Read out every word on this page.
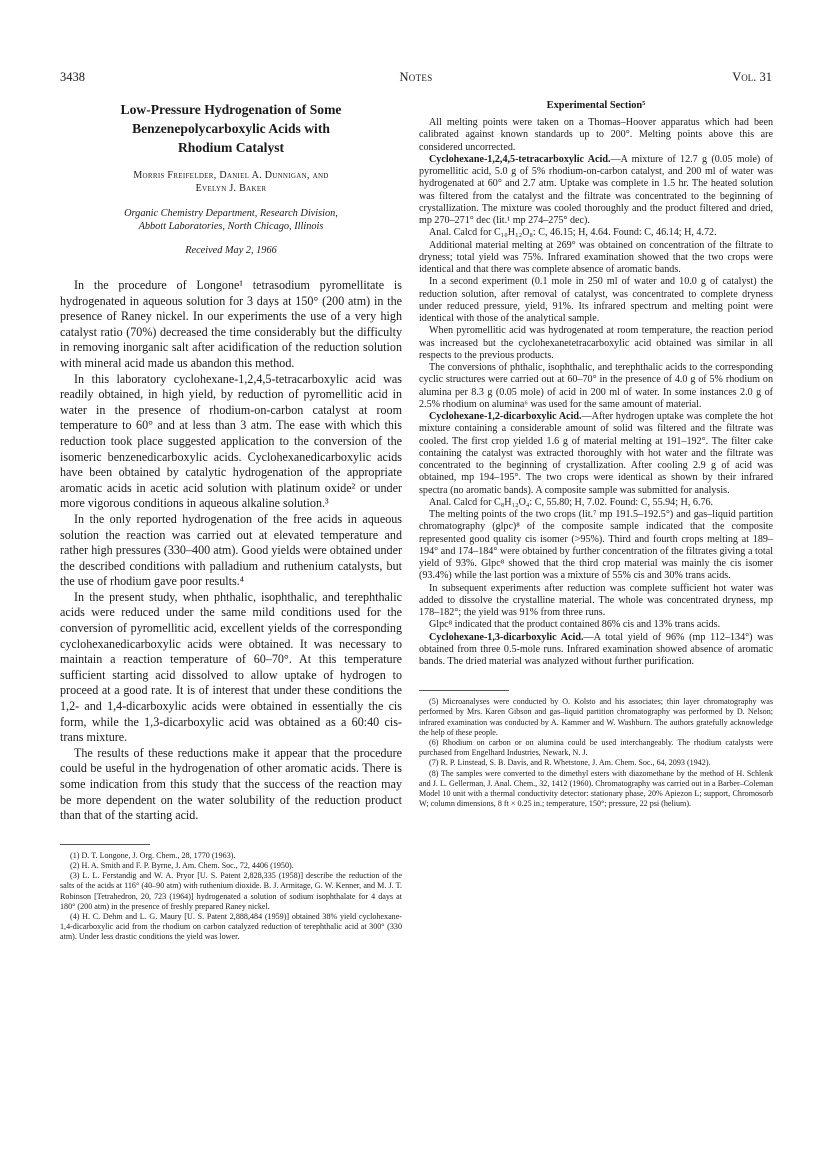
3438	Notes	Vol. 31
Low-Pressure Hydrogenation of Some
Benzenepolycarboxylic Acids with
Rhodium Catalyst
Morris Freifelder, Daniel A. Dunnigan, and
Evelyn J. Baker
Organic Chemistry Department, Research Division,
Abbott Laboratories, North Chicago, Illinois
Received May 2, 1966

In the procedure of Longone¹ tetrasodium pyromellitate is hydrogenated in aqueous solution for 3 days at 150° (200 atm) in the presence of Raney nickel. In our experiments the use of a very high catalyst ratio (70%) decreased the time considerably but the difficulty in removing inorganic salt after acidification of the reduction solution with mineral acid made us abandon this method.

In this laboratory cyclohexane-1,2,4,5-tetracarboxylic acid was readily obtained, in high yield, by reduction of pyromellitic acid in water in the presence of rhodium-on-carbon catalyst at room temperature to 60° and at less than 3 atm. The ease with which this reduction took place suggested application to the conversion of the isomeric benzenedicarboxylic acids. Cyclohexanedicarboxylic acids have been obtained by catalytic hydrogenation of the appropriate aromatic acids in acetic acid solution with platinum oxide² or under more vigorous conditions in aqueous alkaline solution.³

In the only reported hydrogenation of the free acids in aqueous solution the reaction was carried out at elevated temperature and rather high pressures (330–400 atm). Good yields were obtained under the described conditions with palladium and ruthenium catalysts, but the use of rhodium gave poor results.⁴

In the present study, when phthalic, isophthalic, and terephthalic acids were reduced under the same mild conditions used for the conversion of pyromellitic acid, excellent yields of the corresponding cyclohexanedicarboxylic acids were obtained. It was necessary to maintain a reaction temperature of 60–70°. At this temperature sufficient starting acid dissolved to allow uptake of hydrogen to proceed at a good rate. It is of interest that under these conditions the 1,2- and 1,4-dicarboxylic acids were obtained in essentially the cis form, while the 1,3-dicarboxylic acid was obtained as a 60:40 cis-trans mixture.

The results of these reductions make it appear that the procedure could be useful in the hydrogenation of other aromatic acids. There is some indication from this study that the success of the reaction may be more dependent on the water solubility of the reduction product than that of the starting acid.

(1) D. T. Longone, J. Org. Chem., 28, 1770 (1963).

(2) H. A. Smith and F. P. Byrne, J. Am. Chem. Soc., 72, 4406 (1950).

(3) L. L. Ferstandig and W. A. Pryor [U. S. Patent 2,828,335 (1958)] describe the reduction of the salts of the acids at 116° (40–90 atm) with ruthenium dioxide. B. J. Armitage, G. W. Kenner, and M. J. T. Robinson [Tetrahedron, 20, 723 (1964)] hydrogenated a solution of sodium isophthalate for 4 days at 180° (200 atm) in the presence of freshly prepared Raney nickel.

(4) H. C. Dehm and L. G. Maury [U. S. Patent 2,888,484 (1959)] obtained 38% yield cyclohexane-1,4-dicarboxylic acid from the rhodium on carbon catalyzed reduction of terephthalic acid at 300° (330 atm). Under less drastic conditions the yield was lower.

Experimental Section⁵

All melting points were taken on a Thomas–Hoover apparatus which had been calibrated against known standards up to 200°. Melting points above this are considered uncorrected.

Cyclohexane-1,2,4,5-tetracarboxylic Acid.—A mixture of 12.7 g (0.05 mole) of pyromellitic acid, 5.0 g of 5% rhodium-on-carbon catalyst, and 200 ml of water was hydrogenated at 60° and 2.7 atm. Uptake was complete in 1.5 hr. The heated solution was filtered from the catalyst and the filtrate was concentrated to the beginning of crystallization. The mixture was cooled thoroughly and the product filtered and dried, mp 270–271° dec (lit.¹ mp 274–275° dec).

Anal. Calcd for C₁₀H₁₂O₈: C, 46.15; H, 4.64. Found: C, 46.14; H, 4.72.

Additional material melting at 269° was obtained on concentration of the filtrate to dryness; total yield was 75%. Infrared examination showed that the two crops were identical and that there was complete absence of aromatic bands.

In a second experiment (0.1 mole in 250 ml of water and 10.0 g of catalyst) the reduction solution, after removal of catalyst, was concentrated to complete dryness under reduced pressure, yield, 91%. Its infrared spectrum and melting point were identical with those of the analytical sample.

When pyromellitic acid was hydrogenated at room temperature, the reaction period was increased but the cyclohexanetetracarboxylic acid obtained was similar in all respects to the previous products.

The conversions of phthalic, isophthalic, and terephthalic acids to the corresponding cyclic structures were carried out at 60–70° in the presence of 4.0 g of 5% rhodium on alumina per 8.3 g (0.05 mole) of acid in 200 ml of water. In some instances 2.0 g of 2.5% rhodium on alumina⁶ was used for the same amount of material.

Cyclohexane-1,2-dicarboxylic Acid.—After hydrogen uptake was complete the hot mixture containing a considerable amount of solid was filtered and the filtrate was cooled. The first crop yielded 1.6 g of material melting at 191–192°. The filter cake containing the catalyst was extracted thoroughly with hot water and the filtrate was concentrated to the beginning of crystallization. After cooling 2.9 g of acid was obtained, mp 194–195°. The two crops were identical as shown by their infrared spectra (no aromatic bands). A composite sample was submitted for analysis.

Anal. Calcd for C₈H₁₂O₄: C, 55.80; H, 7.02. Found: C, 55.94; H, 6.76.

The melting points of the two crops (lit.⁷ mp 191.5–192.5°) and gas–liquid partition chromatography (glpc)⁸ of the composite sample indicated that the composite represented good quality cis isomer (>95%). Third and fourth crops melting at 189–194° and 174–184° were obtained by further concentration of the filtrates giving a total yield of 93%. Glpc⁸ showed that the third crop material was mainly the cis isomer (93.4%) while the last portion was a mixture of 55% cis and 30% trans acids.

In subsequent experiments after reduction was complete sufficient hot water was added to dissolve the crystalline material. The whole was concentrated dryness, mp 178–182°; the yield was 91% from three runs.

Glpc⁸ indicated that the product contained 86% cis and 13% trans acids.

Cyclohexane-1,3-dicarboxylic Acid.—A total yield of 96% (mp 112–134°) was obtained from three 0.5-mole runs. Infrared examination showed absence of aromatic bands. The dried material was analyzed without further purification.

(5) Microanalyses were conducted by O. Kolsto and his associates; thin layer chromatography was performed by Mrs. Karen Gibson and gas–liquid partition chromatography was performed by D. Nelson; infrared examination was conducted by A. Kammer and W. Washburn. The authors gratefully acknowledge the help of these people.

(6) Rhodium on carbon or on alumina could be used interchangeably. The rhodium catalysts were purchased from Engelhard Industries, Newark, N. J.

(7) R. P. Linstead, S. B. Davis, and R. Whetstone, J. Am. Chem. Soc., 64, 2093 (1942).

(8) The samples were converted to the dimethyl esters with diazomethane by the method of H. Schlenk and J. L. Gellerman, J. Anal. Chem., 32, 1412 (1960). Chromatography was carried out in a Barber–Coleman Model 10 unit with a thermal conductivity detector: stationary phase, 20% Apiezon L; support, Chromosorb W; column dimensions, 8 ft × 0.25 in.; temperature, 150°; pressure, 22 psi (helium).
